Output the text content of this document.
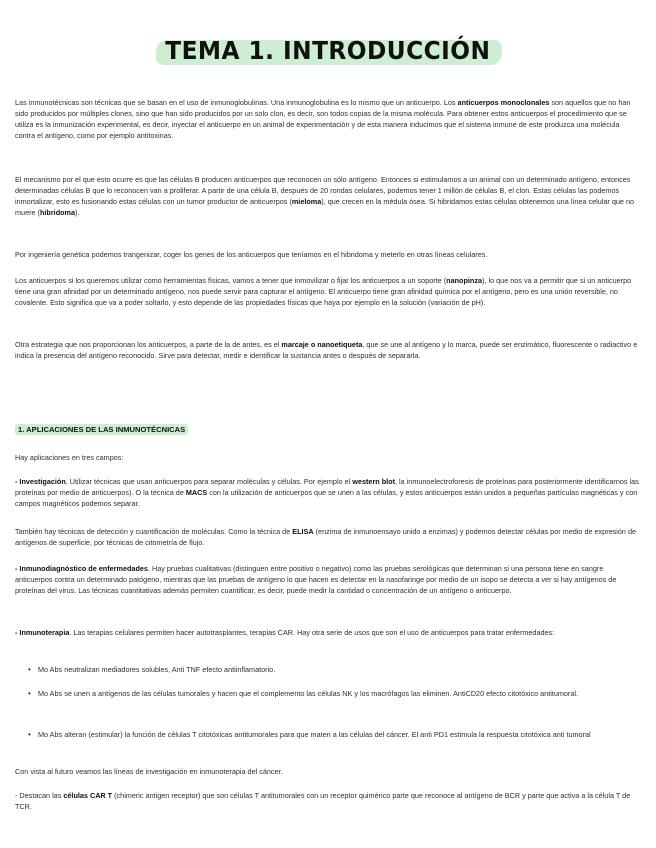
TEMA 1. INTRODUCCIÓN

Las inmunotécnicas son técnicas que se basan en el uso de inmunoglobulinas. Una inmunoglobulina es lo mismo que un anticuerpo. Los anticuerpos monoclonales son aquellos que no han sido producidos por múltiples clones, sino que han sido producidos por un solo clon, es decir, son todos copias de la misma molécula. Para obtener estos anticuerpos el procedimiento que se utiliza es la inmunización experimental, es decir, inyectar el anticuerpo en un animal de experimentación y de esta manera inducimos que el sistema inmune de este produzca una molécula contra el antígeno, como por ejemplo antitoxinas.

El mecanismo por el que esto ocurre es que las células B producen anticuerpos que reconocen un sólo antígeno. Entonces si estimulamos a un animal con un determinado antígeno, entonces determinadas células B que lo reconocen van a proliferar. A partir de una célula B, después de 20 rondas celulares, podemos tener 1 millón de células B, el clon. Estas células las podemos inmortalizar, esto es fusionando estas células con un tumor productor de anticuerpos (mieloma), que crecen en la médula ósea. Si hibridamos estas células obtenemos una línea celular que no muere (hibridoma).

Por ingeniería genética podemos trangenizar, coger los genes de los anticuerpos que teníamos en el hibridoma y meterlo en otras líneas celulares.

Los anticuerpos si los queremos utilizar como herramientas físicas, vamos a tener que inmovilizar o fijar los anticuerpos a un soporte (nanopinza), lo que nos va a permitir que si un anticuerpo tiene una gran afinidad por un determinado antígeno, nos puede servir para capturar el antígeno. El anticuerpo tiene gran afinidad química por el antígeno, pero es una unión reversible, no covalente. Esto significa que va a poder soltarlo, y esto depende de las propiedades físicas que haya por ejemplo en la solución (variación de pH).

Otra estrategia que nos proporcionan los anticuerpos, a parte de la de antes, es el marcaje o nanoetiqueta, que se une al antígeno y lo marca, puede ser enzimático, fluorescente o radiactivo e indica la presencia del antígeno reconocido. Sirve para detectar, medir e identificar la sustancia antes o después de separarla.

1. APLICACIONES DE LAS INMUNOTÉCNICAS

Hay aplicaciones en tres campos:

- Investigación. Utilizar técnicas que usan anticuerpos para separar moléculas y células. Por ejemplo el western blot, la inmunoelectroforesis de proteínas para posteriormente identificarnos las proteínas por medio de anticuerpos). O la técnica de MACS con la utilización de anticuerpos que se unen a las células, y estos anticuerpos están unidos a pequeñas partículas magnéticas y con campos magnéticos podemos separar.

También hay técnicas de detección y cuantificación de moléculas. Como la técnica de ELISA (enzima de inmunoensayo unido a enzimas) y podemos detectar células por medio de expresión de antígenos de superficie, por técnicas de citometría de flujo.

- Inmunodiagnóstico de enfermedades. Hay pruebas cualitativas (distinguen entre positivo o negativo) como las pruebas serológicas que determinan si una persona tiene en sangre anticuerpos contra un determinado patógeno, mientras que las pruebas de antígeno lo que hacen es detectar en la nasofaringe por medio de un isopo se detecta a ver si hay antígenos de proteínas del virus. Las técnicas cuantitativas además permiten cuantificar, es decir, puede medir la cantidad o concentración de un antígeno o anticuerpo.

- Inmunoterapia. Las terapias celulares permiten hacer autotrasplantes, terapias CAR. Hay otra serie de usos que son el uso de anticuerpos para tratar enfermedades:

• Mo Abs neutralizan mediadores solubles, Anti TNF efecto antiinflamatorio.
• Mo Abs se unen a antígenos de las células tumorales y hacen que el complemento las células NK y los macrófagos las eliminen. AntiCD20 efecto citotóxico antitumoral.
• Mo Abs alteran (estimular) la función de células T citotóxicas antitumorales para que maten a las células del cáncer. El anti PD1 estimula la respuesta citotóxica anti tumoral

Con vista al futuro veamos las líneas de investigación en inmunoterapia del cáncer.

- Destacan las células CAR T (chimeric antigen receptor) que son células T antitumorales con un receptor quimérico parte que reconoce al antígeno de BCR y parte que activa a la célula T de TCR.
